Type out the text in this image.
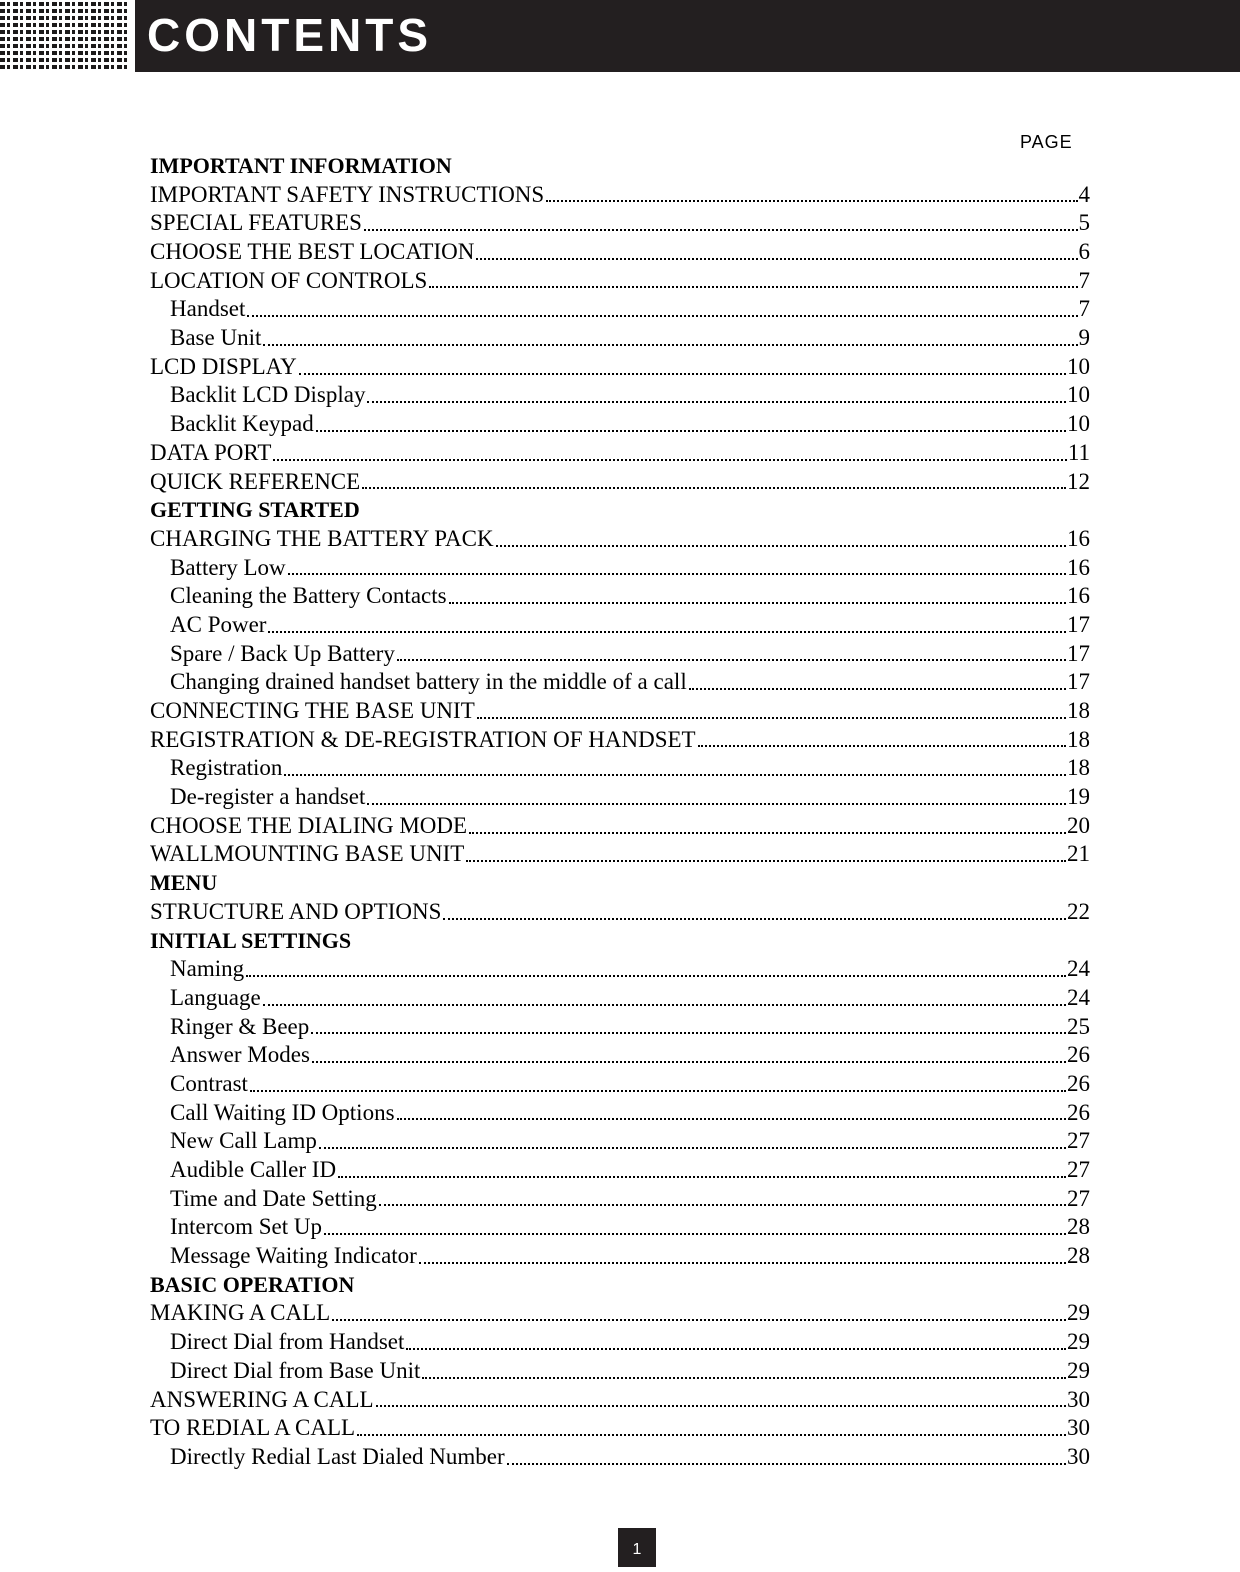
CONTENTS
PAGE
IMPORTANT INFORMATION
IMPORTANT SAFETY INSTRUCTIONS	4
SPECIAL FEATURES	5
CHOOSE THE BEST LOCATION	6
LOCATION OF CONTROLS	7
Handset	7
Base Unit	9
LCD DISPLAY	10
Backlit LCD Display	10
Backlit Keypad	10
DATA PORT	11
QUICK REFERENCE	12
GETTING STARTED
CHARGING THE BATTERY PACK	16
Battery Low	16
Cleaning the Battery Contacts	16
AC Power	17
Spare / Back Up Battery	17
Changing drained handset battery in the middle of a call	17
CONNECTING THE BASE UNIT	18
REGISTRATION & DE-REGISTRATION OF HANDSET	18
Registration	18
De-register a handset	19
CHOOSE THE DIALING MODE	20
WALLMOUNTING BASE UNIT	21
MENU
STRUCTURE AND OPTIONS	22
INITIAL SETTINGS
Naming	24
Language	24
Ringer & Beep	25
Answer Modes	26
Contrast	26
Call Waiting ID Options	26
New Call Lamp	27
Audible Caller ID	27
Time and Date Setting	27
Intercom Set Up	28
Message Waiting Indicator	28
BASIC OPERATION
MAKING A CALL	29
Direct Dial from Handset	29
Direct Dial from Base Unit	29
ANSWERING A CALL	30
TO REDIAL A CALL	30
Directly Redial Last Dialed Number	30
1
